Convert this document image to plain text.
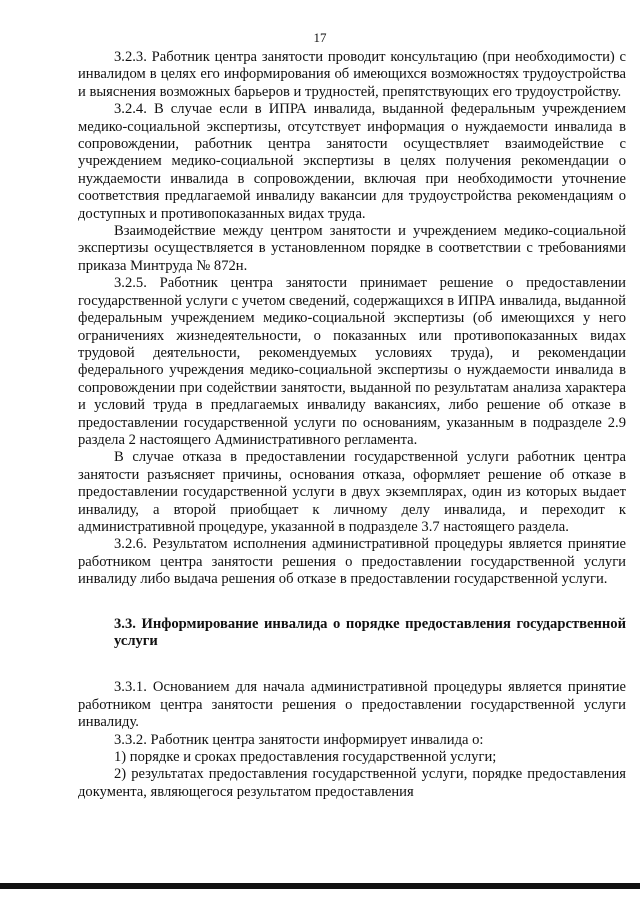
17

3.2.3. Работник центра занятости проводит консультацию (при необходимости) с инвалидом в целях его информирования об имеющихся возможностях трудоустройства и выяснения возможных барьеров и трудностей, препятствующих его трудоустройству.

3.2.4. В случае если в ИПРА инвалида, выданной федеральным учреждением медико-социальной экспертизы, отсутствует информация о нуждаемости инвалида в сопровождении, работник центра занятости осуществляет взаимодействие с учреждением медико-социальной экспертизы в целях получения рекомендации о нуждаемости инвалида в сопровождении, включая при необходимости уточнение соответствия предлагаемой инвалиду вакансии для трудоустройства рекомендациям о доступных и противопоказанных видах труда.

Взаимодействие между центром занятости и учреждением медико-социальной экспертизы осуществляется в установленном порядке в соответствии с требованиями приказа Минтруда № 872н.

3.2.5. Работник центра занятости принимает решение о предоставлении государственной услуги с учетом сведений, содержащихся в ИПРА инвалида, выданной федеральным учреждением медико-социальной экспертизы (об имеющихся у него ограничениях жизнедеятельности, о показанных или противопоказанных видах трудовой деятельности, рекомендуемых условиях труда), и рекомендации федерального учреждения медико-социальной экспертизы о нуждаемости инвалида в сопровождении при содействии занятости, выданной по результатам анализа характера и условий труда в предлагаемых инвалиду вакансиях, либо решение об отказе в предоставлении государственной услуги по основаниям, указанным в подразделе 2.9 раздела 2 настоящего Административного регламента.

В случае отказа в предоставлении государственной услуги работник центра занятости разъясняет причины, основания отказа, оформляет решение об отказе в предоставлении государственной услуги в двух экземплярах, один из которых выдает инвалиду, а второй приобщает к личному делу инвалида, и переходит к административной процедуре, указанной в подразделе 3.7 настоящего раздела.

3.2.6. Результатом исполнения административной процедуры является принятие работником центра занятости решения о предоставлении государственной услуги инвалиду либо выдача решения об отказе в предоставлении государственной услуги.

3.3. Информирование инвалида о порядке предоставления государственной услуги

3.3.1. Основанием для начала административной процедуры является принятие работником центра занятости решения о предоставлении государственной услуги инвалиду.

3.3.2. Работник центра занятости информирует инвалида о:

1) порядке и сроках предоставления государственной услуги;

2) результатах предоставления государственной услуги, порядке предоставления документа, являющегося результатом предоставления
